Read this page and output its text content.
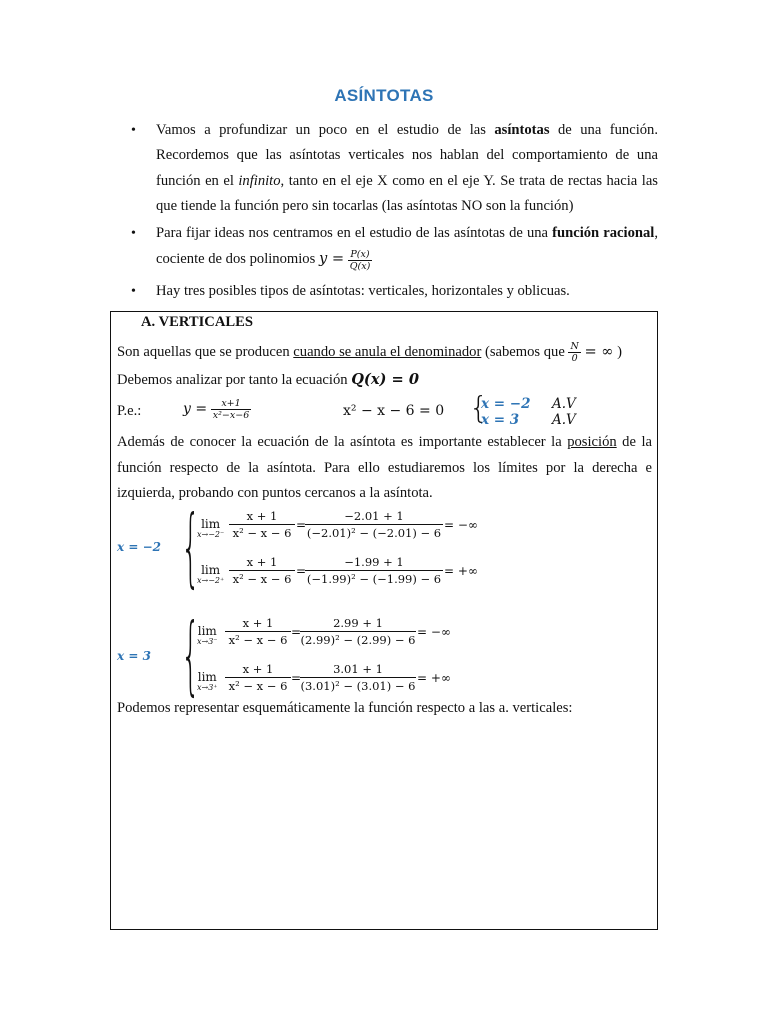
ASÍNTOTAS
• Vamos a profundizar un poco en el estudio de las asíntotas de una función. Recordemos que las asíntotas verticales nos hablan del comportamiento de una función en el infinito, tanto en el eje X como en el eje Y. Se trata de rectas hacia las que tiende la función pero sin tocarlas (las asíntotas NO son la función)
• Para fijar ideas nos centramos en el estudio de las asíntotas de una función racional, cociente de dos polinomios $y = \frac{P(x)}{Q(x)}$
• Hay tres posibles tipos de asíntotas: verticales, horizontales y oblicuas.
A. VERTICALES
Son aquellas que se producen cuando se anula el denominador (sabemos que $\frac{N}{0}$ = ∞ )
Debemos analizar por tanto la ecuación Q(x) = 0
P.e.:	$y = \frac{x+1}{\text{x²−x−6}}$	x² − x − 6 = 0 {
x = −2 A.V
x = 3 A.V
Además de conocer la ecuación de la asíntota es importante establecer la posición de la función respecto de la asíntota. Para ello estudiaremos los límites por la derecha e izquierda, probando con puntos cercanos a la asíntota.
x = −2 { lim
$x\to-2^- \frac{x + 1}{\text{x² − x − 6}}$ =
$\frac{-2.01 + 1}{\text{(−2.01)² − (−2.01) − 6}}$ = −∞
lim
$x\to-2^+ \frac{x + 1}{\text{x² − x − 6}}$ =
$\frac{-1.99 + 1}{\text{(−1.99)² − (−1.99) − 6}}$ = +∞
x = 3 {
lim
$x\to 3^- \frac{x + 1}{\text{x² − x − 6}}$ =
$\frac{2.99 + 1}{\text{(2.99)² − (2.99) − 6}}$ = −∞
lim
$x\to 3^+ \frac{x + 1}{\text{x² − x − 6}}$ =
$\frac{3.01 + 1}{\text{(3.01)² − (3.01) − 6}}$ = +∞
Podemos representar esquemáticamente la función respecto a las a. verticales:
